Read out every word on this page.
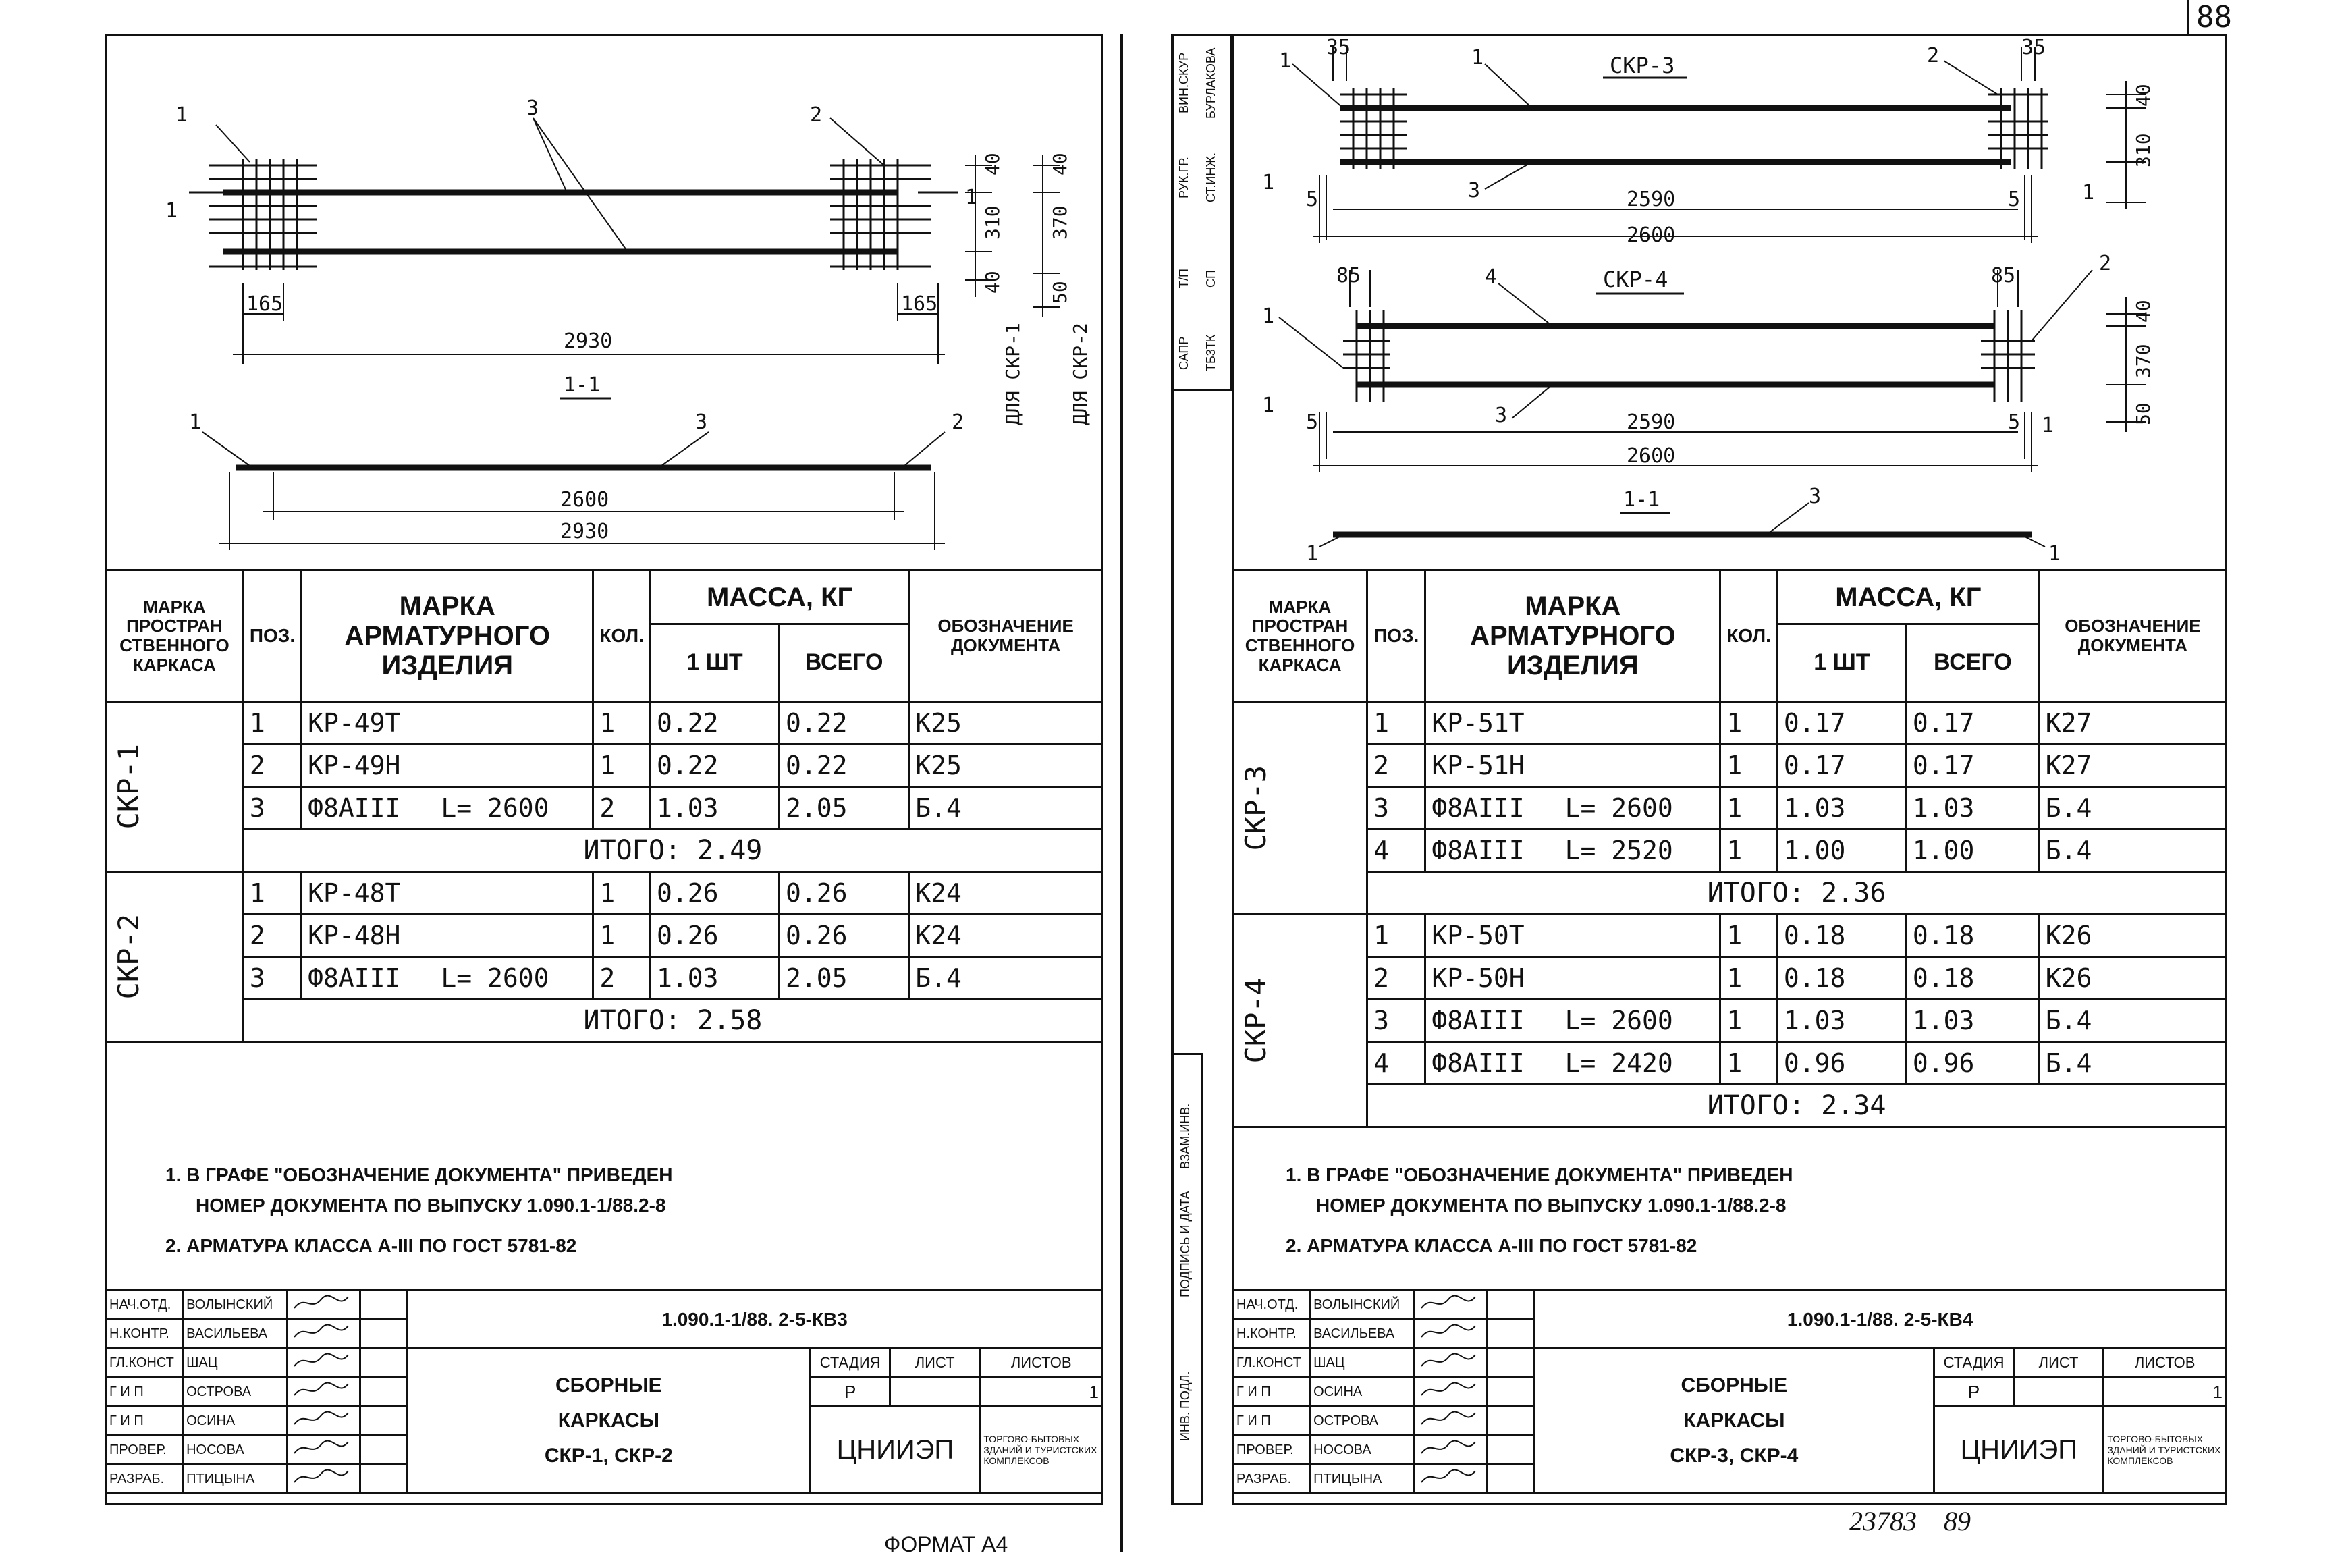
88
1	3	2
1
1
165	165
2930
40
310
40
40
370
50
ДЛЯ СКР-1 ДЛЯ СКР-2
1-1
1	3	2
2600
2930
МАРКА ПРОСТРАН СТВЕННОГО КАРКАСА	ПОЗ.	МАРКА АРМАТУРНОГО ИЗДЕЛИЯ	КОЛ.	МАССА, КГ		ОБОЗНАЧЕНИЕ ДОКУМЕНТА
				1 ШТ	ВСЕГО	

СКР-1	1	КР-49Т	1	0.22	0.22	К25
	2	КР-49Н	1	0.22	0.22	К25
	3	Ф8АIII L= 2600	2	1.03	2.05	Б.4
	ИТОГО: 2.49					

СКР-2	1	КР-48Т	1	0.26	0.26	К24
	2	КР-48Н	1	0.26	0.26	К24
	3	Ф8АIII L= 2600	2	1.03	2.05	Б.4
	ИТОГО: 2.58					

1. В ГРАФЕ "ОБОЗНАЧЕНИЕ ДОКУМЕНТА" ПРИВЕДЕН
НОМЕР ДОКУМЕНТА ПО ВЫПУСКУ 1.090.1-1/88.2-8
2. АРМАТУРА КЛАССА А-III ПО ГОСТ 5781-82
НАЧ.ОТД.	ВОЛЫНСКИЙ			1.090.1-1/88. 2-5-КВ3			
Н.КОНТР.	ВАСИЛЬЕВА		
ГЛ.КОНСТ	ШАЦ			СБОРНЫЕ
КАРКАСЫ
СКР-1, СКР-2	СТАДИЯ	ЛИСТ	ЛИСТОВ
Г И П	ОСТРОВА				Р		1
Г И П	ОСИНА				ЦНИИЭП		ТОРГОВО-БЫТОВЫХ ЗДАНИЙ И ТУРИСТСКИХ КОМПЛЕКСОВ
ПРОВЕР.	НОСОВА		
РАЗРАБ.	ПТИЦЫНА		
ФОРМАТ А4
ВИН.СКУР	БУРЛАКОВА
РУК.ГР.	СТ.ИНЖ.
Т/П	СП
САПР	ТБ3ТК
ВЗАМ.ИНВ.
ПОДПИСЬ И ДАТА
ИНВ. ПОДЛ.
СКР-3
1	1	2
3
35	35
40
310
5	5
2590
2600
1	1
СКР-4
1
4
2
3
85	85
40
370
50
5	5
2590
2600
1
1
1-1
1	1
3
МАРКА ПРОСТРАН СТВЕННОГО КАРКАСА	ПОЗ.	МАРКА АРМАТУРНОГО ИЗДЕЛИЯ	КОЛ.	МАССА, КГ		ОБОЗНАЧЕНИЕ ДОКУМЕНТА
				1 ШТ	ВСЕГО	

СКР-3	1	КР-51Т	1	0.17	0.17	К27
	2	КР-51Н	1	0.17	0.17	К27
	3	Ф8АIII L= 2600	1	1.03	1.03	Б.4
	4	Ф8АIII L= 2520	1	1.00	1.00	Б.4
	ИТОГО: 2.36					

СКР-4	1	КР-50Т	1	0.18	0.18	К26
	2	КР-50Н	1	0.18	0.18	К26
	3	Ф8АIII L= 2600	1	1.03	1.03	Б.4
	4	Ф8АIII L= 2420	1	0.96	0.96	Б.4
	ИТОГО: 2.34					

1. В ГРАФЕ "ОБОЗНАЧЕНИЕ ДОКУМЕНТА" ПРИВЕДЕН
НОМЕР ДОКУМЕНТА ПО ВЫПУСКУ 1.090.1-1/88.2-8
2. АРМАТУРА КЛАССА А-III ПО ГОСТ 5781-82
НАЧ.ОТД.	ВОЛЫНСКИЙ			1.090.1-1/88. 2-5-КВ4			
Н.КОНТР.	ВАСИЛЬЕВА		
ГЛ.КОНСТ	ШАЦ			СБОРНЫЕ
КАРКАСЫ
СКР-3, СКР-4	СТАДИЯ	ЛИСТ	ЛИСТОВ
Г И П	ОСИНА				Р		1
Г И П	ОСТРОВА				ЦНИИЭП		ТОРГОВО-БЫТОВЫХ ЗДАНИЙ И ТУРИСТСКИХ КОМПЛЕКСОВ
ПРОВЕР.	НОСОВА		
РАЗРАБ.	ПТИЦЫНА		
23783 89
